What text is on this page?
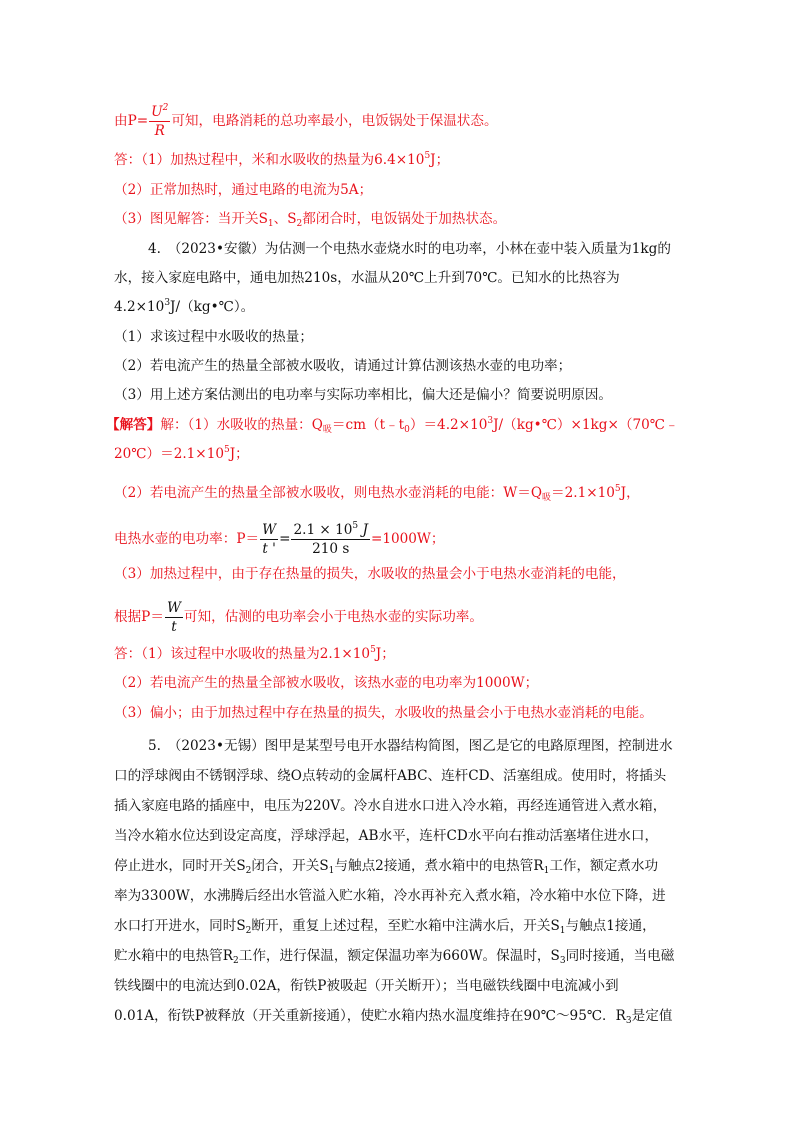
由$P= \frac{U^2}{R}$ 可知，电路消耗的总功率最小，电饭锅处于保温状态。
答：（1）加热过程中，米和水吸收的热量为$6.4\times 10^5J$；
（2）正常加热时，通过电路的电流为5A；
（3）图见解答：当开关$S_1$、$S_2$都闭合时，电饭锅处于加热状态。
4.　（2023•安徽）为估测一个电热水壶烧水时的电功率，小林在壶中装入质量为1kg的
水，接入家庭电路中，通电加热210s，水温从20℃上升到70℃。已知水的比热容为
$4.2\times 10^3J/(kg•℃)$。
（1）求该过程中水吸收的热量；
（2）若电流产生的热量全部被水吸收，请通过计算估测该热水壶的电功率；
（3）用上述方案估测出的电功率与实际功率相比，偏大还是偏小？简要说明原因。
【解答】解：（1）水吸收的热量：$Q_吸=cm(t﹣t_0)=4.2\times 10^3J/(kg•℃)\times 1kg\times(70℃﹣$
$20℃)=2.1\times 10^5J$；
（2）若电流产生的热量全部被水吸收，则电热水壶消耗的电能：$W=Q_吸=2.1\times 10^5J$，
电热水壶的电功率：$P= \frac{W}{t '} = \frac{2.1 \times 10^5 J}{210 s} =1000W$；
（3）加热过程中，由于存在热量的损失，水吸收的热量会小于电热水壶消耗的电能，
根据$P= \frac{W}{t}$ 可知，估测的电功率会小于电热水壶的实际功率。
答：（1）该过程中水吸收的热量为$2.1\times 10^5J$；
（2）若电流产生的热量全部被水吸收，该热水壶的电功率为1000W；
（3）偏小；由于加热过程中存在热量的损失，水吸收的热量会小于电热水壶消耗的电能。
5.　（2023•无锡）图甲是某型号电开水器结构简图，图乙是它的电路原理图，控制进水
口的浮球阀由不锈钢浮球、绕O点转动的金属杆ABC、连杆CD、活塞组成。使用时，将插头
插入家庭电路的插座中，电压为220V。冷水自进水口进入冷水箱，再经连通管进入煮水箱，
当冷水箱水位达到设定高度，浮球浮起，AB水平，连杆CD水平向右推动活塞堵住进水口，
停止进水，同时开关$S_2$闭合，开关$S_1$与触点2接通，煮水箱中的电热管$R_1$工作，额定煮水功
率为3300W，水沸腾后经出水管溢入贮水箱，冷水再补充入煮水箱，冷水箱中水位下降，进
水口打开进水，同时$S_2$断开，重复上述过程，至贮水箱中注满水后，开关$S_1$与触点1接通，
贮水箱中的电热管$R_2$工作，进行保温，额定保温功率为660W。保温时，$S_3$同时接通，当电磁
铁线圈中的电流达到0.02A，衔铁P被吸起（开关断开）；当电磁铁线圈中电流减小到
0.01A，衔铁P被释放（开关重新接通），使贮水箱内热水温度维持在90℃～95℃．$R_3$是定值
